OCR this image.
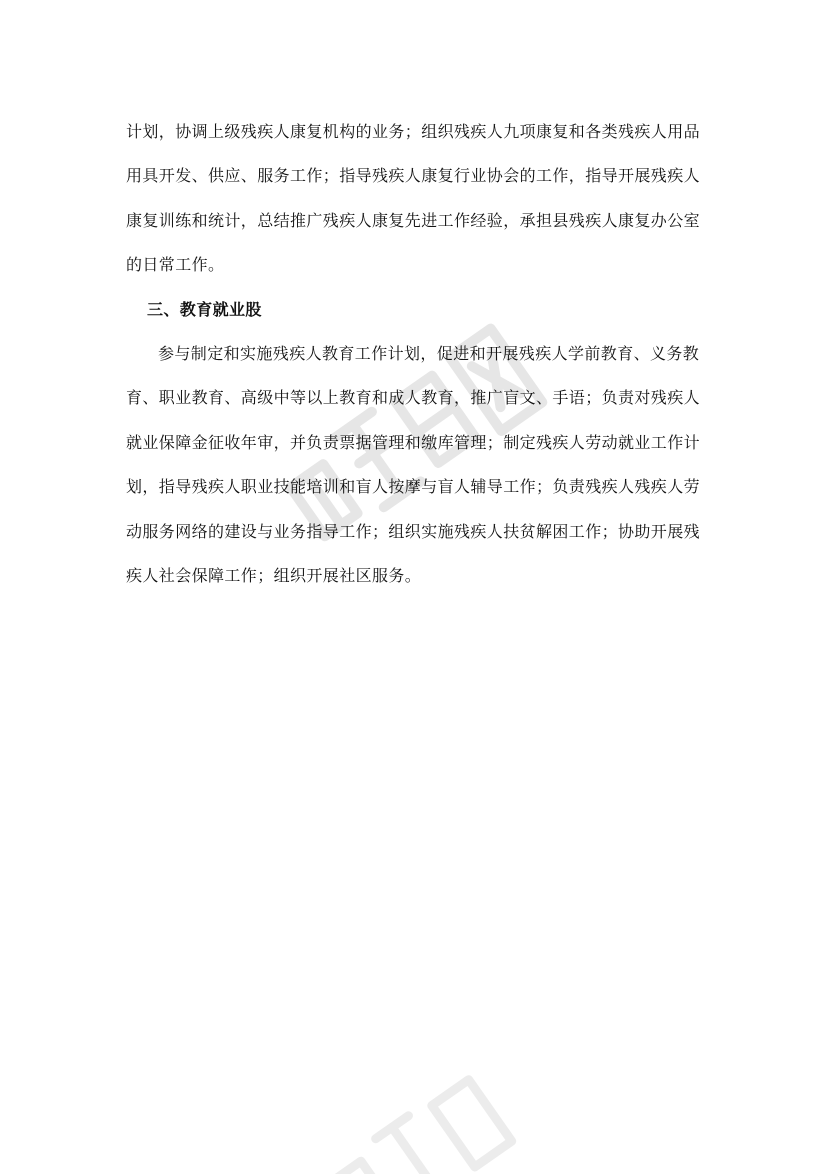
计划，协调上级残疾人康复机构的业务；组织残疾人九项康复和各类残疾人用品
用具开发、供应、服务工作；指导残疾人康复行业协会的工作，指导开展残疾人
康复训练和统计，总结推广残疾人康复先进工作经验，承担县残疾人康复办公室
的日常工作。

三、教育就业股

参与制定和实施残疾人教育工作计划，促进和开展残疾人学前教育、义务教
育、职业教育、高级中等以上教育和成人教育，推广盲文、手语；负责对残疾人
就业保障金征收年审，并负责票据管理和缴库管理；制定残疾人劳动就业工作计
划，指导残疾人职业技能培训和盲人按摩与盲人辅导工作；负责残疾人残疾人劳
动服务网络的建设与业务指导工作；组织实施残疾人扶贫解困工作；协助开展残
疾人社会保障工作；组织开展社区服务。
